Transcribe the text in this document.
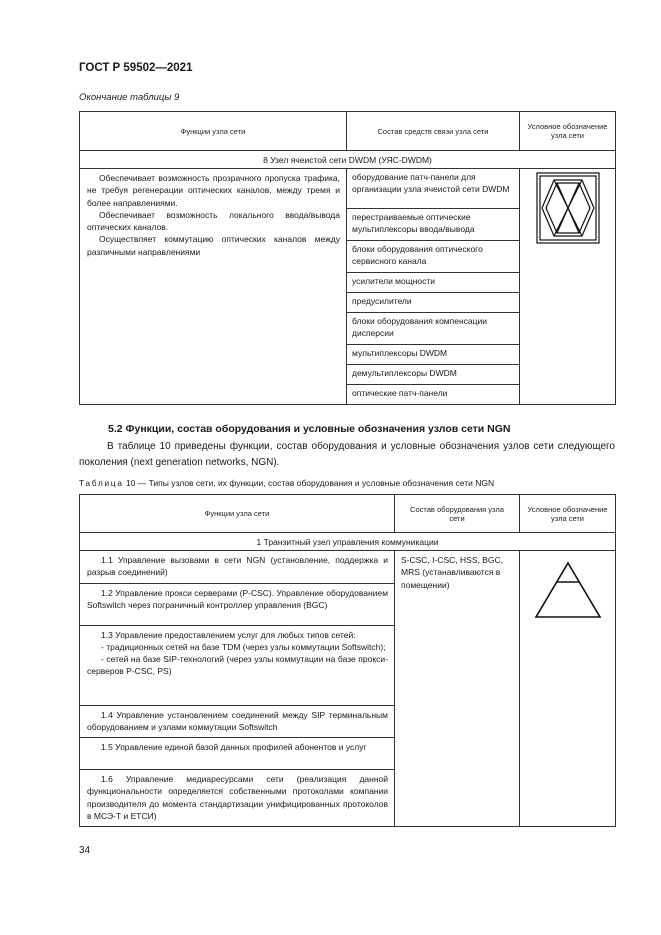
ГОСТ Р 59502—2021
Окончание таблицы 9
Функции узла сети	Состав средств связи узла сети	Условное обозначение узла сети
8 Узел ячеистой сети DWDM (УЯС-DWDM)		

Обеспечивает возможность прозрачного пропуска трафика, не требуя регенерации оптических каналов, между тремя и более направлениями.

Обеспечивает возможность локального ввода/вывода оптических каналов.

Осуществляет коммутацию оптических каналов между различными направлениями	оборудование патч-панели для организации узла ячеистой сети DWDM	
	перестраиваемые оптические мультиплексоры ввода/вывода	
	блоки оборудования оптического сервисного канала	
	усилители мощности	
	предусилители	
	блоки оборудования компенсации дисперсии	
	мультиплексоры DWDM	
	демультиплексоры DWDM	
	оптические патч-панели	
5.2 Функции, состав оборудования и условные обозначения узлов сети NGN
В таблице 10 приведены функции, состав оборудования и условные обозначения узлов сети следующего поколения (next generation networks, NGN).
Таблица 10 — Типы узлов сети, их функции, состав оборудования и условные обозначения сети NGN
Функции узла сети	Состав оборудования узла сети	Условное обозначение узла сети
1 Транзитный узел управления коммуникации		

1.1 Управление вызовами в сети NGN (установление, поддержка и разрыв соединений)	S-CSC, I-CSC, HSS, BGC, MRS (устанавливаются в помещении)	

1.2 Управление прокси серверами (P-CSC). Управление оборудованием Softswitch через пограничный контроллер управления (BGC)		

1.3 Управление предоставлением услуг для любых типов сетей:

- традиционных сетей на базе TDM (через узлы коммутации Softswitch);

- сетей на базе SIP-технологий (через узлы коммутации на базе прокси-серверов P-CSC, PS)		

1.4 Управление установлением соединений между SIP терминальным оборудованием и узлами коммутации Softswitch		

1.5 Управление единой базой данных профилей абонентов и услуг		

1.6 Управление медиаресурсами сети (реализация данной функциональности определяется собственными протоколами компании производителя до момента стандартизации унифицированных протоколов в МСЭ-Т и ЕТСИ)		

34
